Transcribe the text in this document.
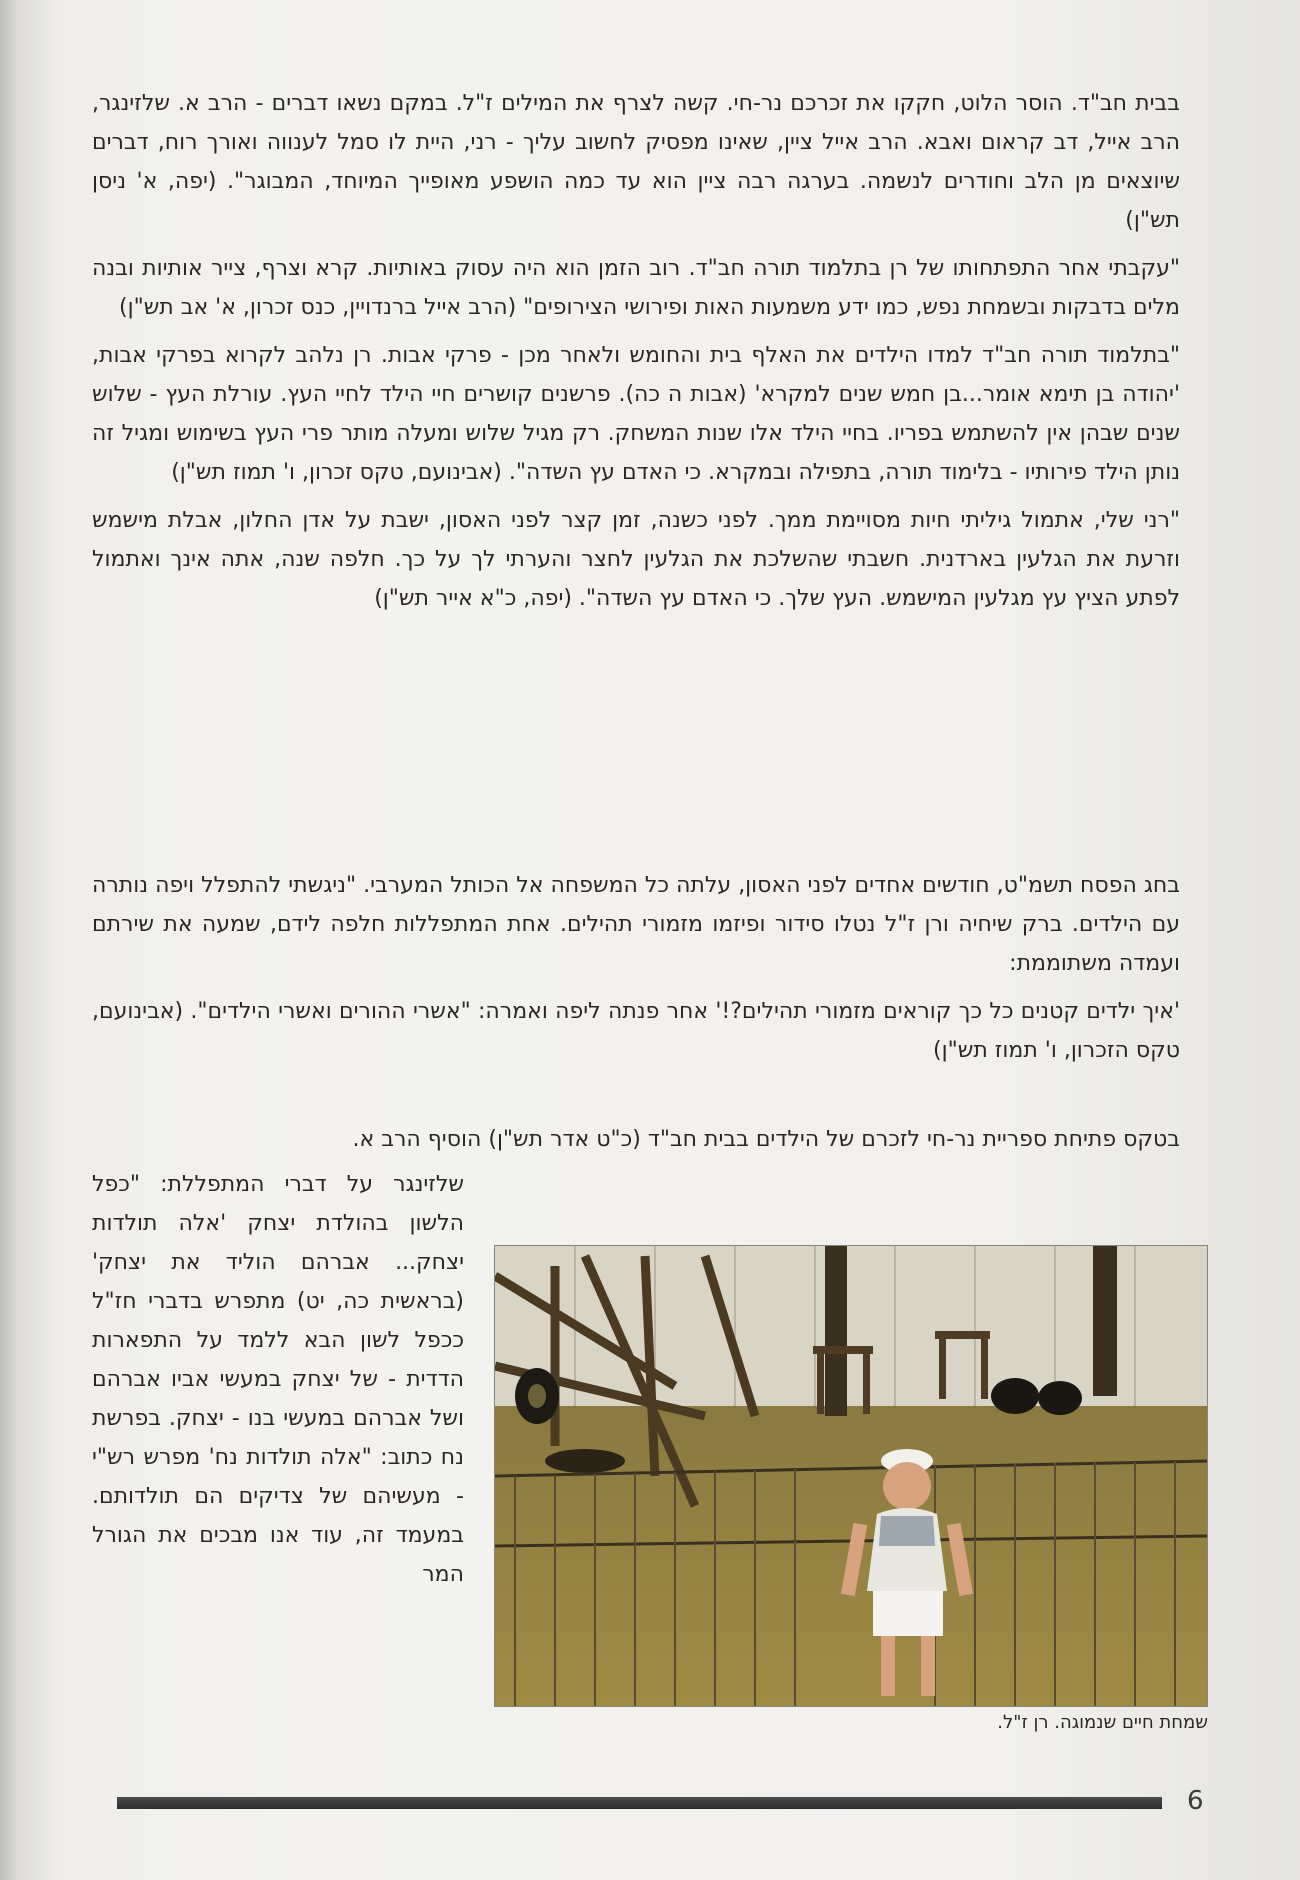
בבית חב"ד. הוסר הלוט, חקקו את זכרכם נר-חי. קשה לצרף את המילים ז"ל. במקם נשאו דברים - הרב א. שלזינגר, הרב אייל, דב קראום ואבא. הרב אייל ציין, שאינו מפסיק לחשוב עליך - רני, היית לו סמל לענווה ואורך רוח, דברים שיוצאים מן הלב וחודרים לנשמה. בערגה רבה ציין הוא עד כמה הושפע מאופייך המיוחד, המבוגר". (יפה, א' ניסן תש"ן)

"עקבתי אחר התפתחותו של רן בתלמוד תורה חב"ד. רוב הזמן הוא היה עסוק באותיות. קרא וצרף, צייר אותיות ובנה מלים בדבקות ובשמחת נפש, כמו ידע משמעות האות ופירושי הצירופים" (הרב אייל ברנדויין, כנס זכרון, א' אב תש"ן)

"בתלמוד תורה חב"ד למדו הילדים את האלף בית והחומש ולאחר מכן - פרקי אבות. רן נלהב לקרוא בפרקי אבות, 'יהודה בן תימא אומר...בן חמש שנים למקרא' (אבות ה כה). פרשנים קושרים חיי הילד לחיי העץ. עורלת העץ - שלוש שנים שבהן אין להשתמש בפריו. בחיי הילד אלו שנות המשחק. רק מגיל שלוש ומעלה מותר פרי העץ בשימוש ומגיל זה נותן הילד פירותיו - בלימוד תורה, בתפילה ובמקרא. כי האדם עץ השדה". (אבינועם, טקס זכרון, ו' תמוז תש"ן)

"רני שלי, אתמול גיליתי חיות מסויימת ממך. לפני כשנה, זמן קצר לפני האסון, ישבת על אדן החלון, אבלת מישמש וזרעת את הגלעין בארדנית. חשבתי שהשלכת את הגלעין לחצר והערתי לך על כך. חלפה שנה, אתה אינך ואתמול לפתע הציץ עץ מגלעין המישמש. העץ שלך. כי האדם עץ השדה". (יפה, כ"א אייר תש"ן)

בחג הפסח תשמ"ט, חודשים אחדים לפני האסון, עלתה כל המשפחה אל הכותל המערבי. "ניגשתי להתפלל ויפה נותרה עם הילדים. ברק שיחיה ורן ז"ל נטלו סידור ופיזמו מזמורי תהילים. אחת המתפללות חלפה לידם, שמעה את שירתם ועמדה משתוממת:

'איך ילדים קטנים כל כך קוראים מזמורי תהילים?!' אחר פנתה ליפה ואמרה: "אשרי ההורים ואשרי הילדים". (אבינועם, טקס הזכרון, ו' תמוז תש"ן)

בטקס פתיחת ספריית נר-חי לזכרם של הילדים בבית חב"ד (כ"ט אדר תש"ן) הוסיף הרב א.

שלזינגר על דברי המתפללת: "כפל הלשון בהולדת יצחק 'אלה תולדות יצחק... אברהם הוליד את יצחק' (בראשית כה, יט) מתפרש בדברי חז"ל ככפל לשון הבא ללמד על התפארות הדדית - של יצחק במעשי אביו אברהם ושל אברהם במעשי בנו - יצחק. בפרשת נח כתוב: "אלה תולדות נח' מפרש רש"י - מעשיהם של צדיקים הם תולדותם. במעמד זה, עוד אנו מבכים את הגורל המר
שמחת חיים שנמוגה. רן ז"ל.
6
